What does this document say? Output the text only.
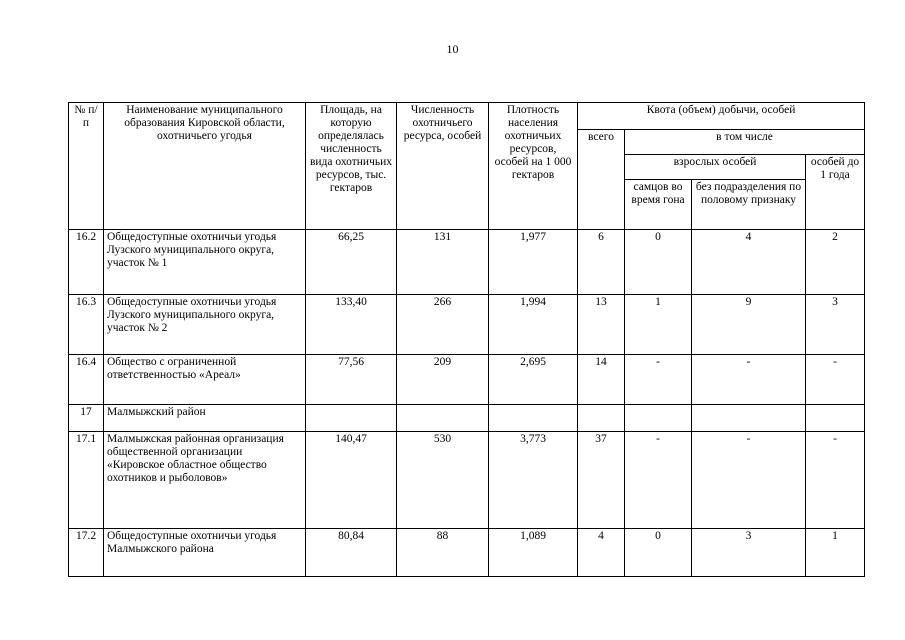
10
№ п/п	Наименование муниципального образования Кировской области, охотничьего угодья	Площадь, на которую определялась численность вида охотничьих ресурсов, тыс. гектаров	Численность охотничьего ресурса, особей	Плотность населения охотничьих ресурсов, особей на 1 000 гектаров	Квота (объем) добычи, особей			
					всего	в том числе		
						взрослых особей		особей до 1 года
						самцов во время гона	без подразделения по половому признаку	
16.2	Общедоступные охотничьи угодья Лузского муниципального округа, участок № 1	66,25	131	1,977	6	0	4	2
16.3	Общедоступные охотничьи угодья Лузского муниципального округа, участок № 2	133,40	266	1,994	13	1	9	3
16.4	Общество с ограниченной ответственностью «Ареал»	77,56	209	2,695	14	-	-	-
17	Малмыжский район							
17.1	Малмыжская районная организация общественной организации «Кировское областное общество охотников и рыболовов»	140,47	530	3,773	37	-	-	-
17.2	Общедоступные охотничьи угодья Малмыжского района	80,84	88	1,089	4	0	3	1
